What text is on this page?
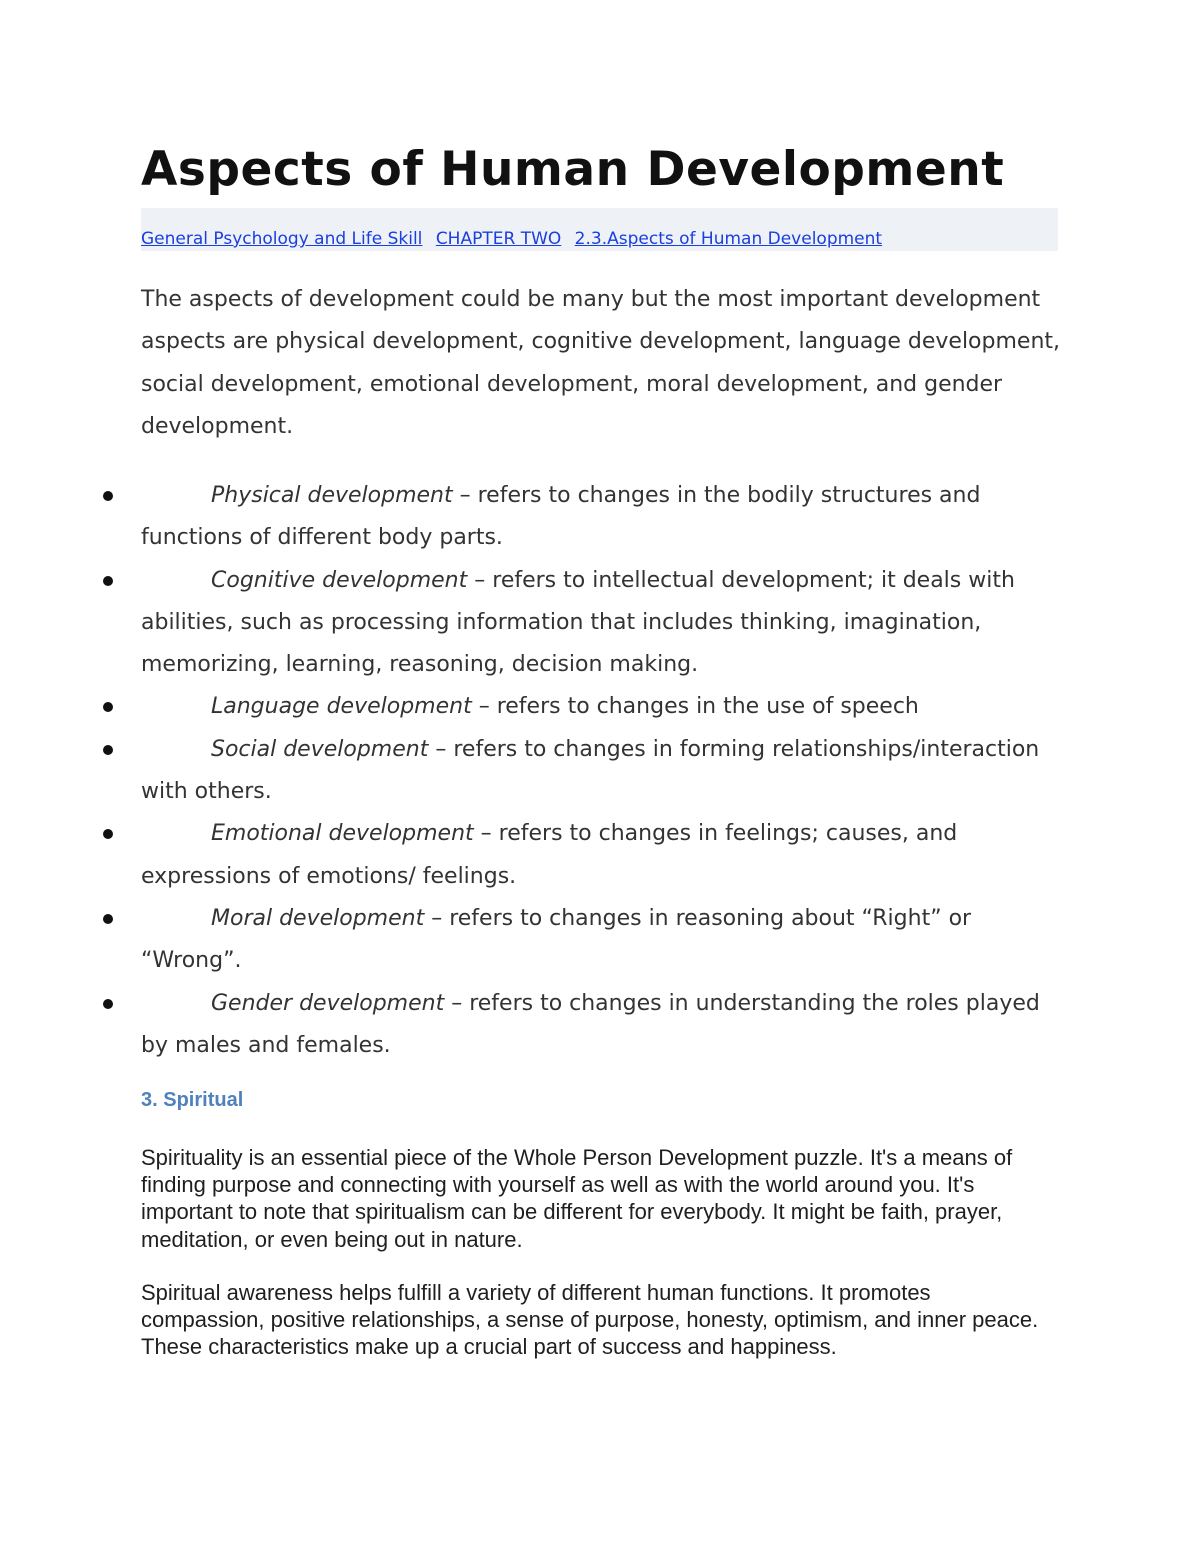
Aspects of Human Development
General Psychology and Life Skill CHAPTER TWO 2.3.Aspects of Human Development

The aspects of development could be many but the most important development aspects are physical development, cognitive development, language development, social development, emotional development, moral development, and gender development.

Physical development – refers to changes in the bodily structures and functions of different body parts.
Cognitive development – refers to intellectual development; it deals with abilities, such as processing information that includes thinking, imagination, memorizing, learning, reasoning, decision making.
Language development – refers to changes in the use of speech
Social development – refers to changes in forming relationships/interaction with others.
Emotional development – refers to changes in feelings; causes, and expressions of emotions/ feelings.
Moral development – refers to changes in reasoning about “Right” or “Wrong”.
Gender development – refers to changes in understanding the roles played by males and females.
3. Spiritual

Spirituality is an essential piece of the Whole Person Development puzzle. It's a means of finding purpose and connecting with yourself as well as with the world around you. It's important to note that spiritualism can be different for everybody. It might be faith, prayer, meditation, or even being out in nature.

Spiritual awareness helps fulfill a variety of different human functions. It promotes compassion, positive relationships, a sense of purpose, honesty, optimism, and inner peace. These characteristics make up a crucial part of success and happiness.
